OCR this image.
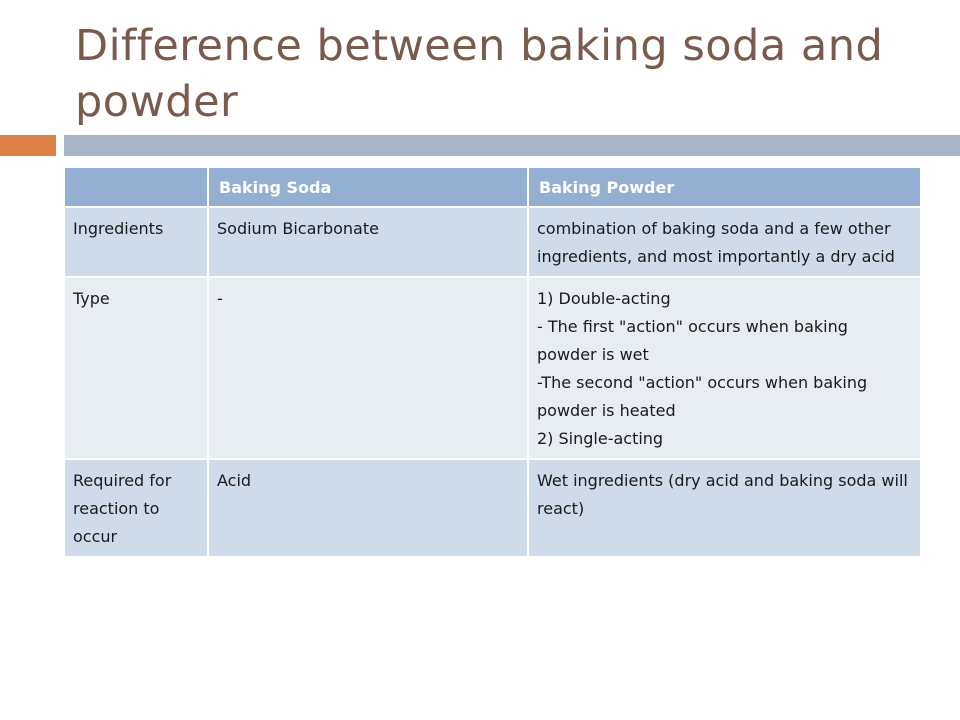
Difference between baking soda and powder
	Baking Soda	Baking Powder
Ingredients	Sodium Bicarbonate	combination of baking soda and a few other ingredients, and most importantly a dry acid
Type	-	1) Double-acting
- The first "action" occurs when baking powder is wet
-The second "action" occurs when baking powder is heated
2) Single-acting

Required for reaction to occur	Acid	Wet ingredients (dry acid and baking soda will react)
